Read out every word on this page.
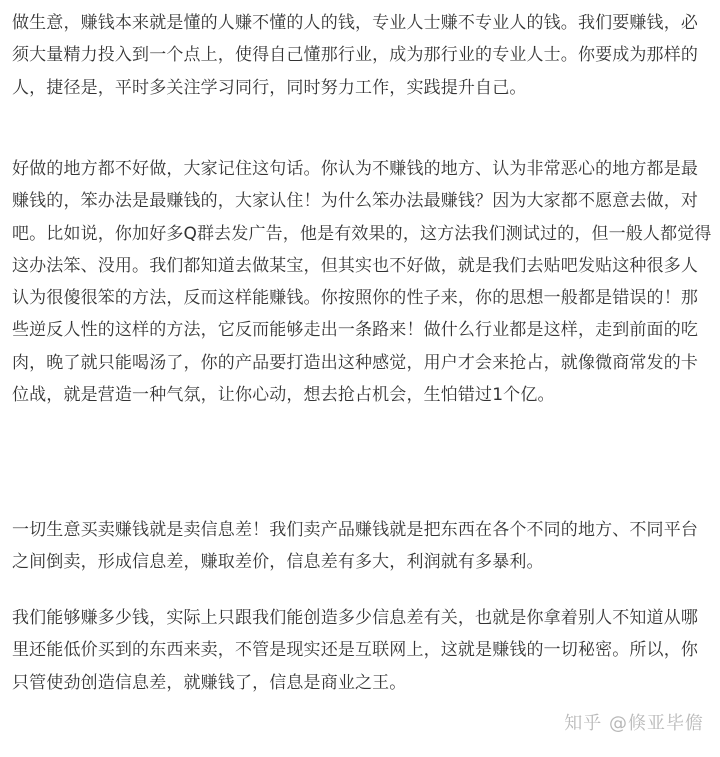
做生意，赚钱本来就是懂的人赚不懂的人的钱，专业人士赚不专业人的钱。我们要赚钱，必须大量精力投入到一个点上，使得自己懂那行业，成为那行业的专业人士。你要成为那样的人，捷径是，平时多关注学习同行，同时努力工作，实践提升自己。

好做的地方都不好做，大家记住这句话。你认为不赚钱的地方、认为非常恶心的地方都是最赚钱的，笨办法是最赚钱的，大家认住！为什么笨办法最赚钱？因为大家都不愿意去做，对吧。比如说，你加好多Q群去发广告，他是有效果的，这方法我们测试过的，但一般人都觉得这办法笨、没用。我们都知道去做某宝，但其实也不好做，就是我们去贴吧发贴这种很多人认为很傻很笨的方法，反而这样能赚钱。你按照你的性子来，你的思想一般都是错误的！那些逆反人性的这样的方法，它反而能够走出一条路来！做什么行业都是这样，走到前面的吃肉，晚了就只能喝汤了，你的产品要打造出这种感觉，用户才会来抢占，就像微商常发的卡位战，就是营造一种气氛，让你心动，想去抢占机会，生怕错过1个亿。

一切生意买卖赚钱就是卖信息差！我们卖产品赚钱就是把东西在各个不同的地方、不同平台之间倒卖，形成信息差，赚取差价，信息差有多大，利润就有多暴利。

我们能够赚多少钱，实际上只跟我们能创造多少信息差有关，也就是你拿着别人不知道从哪里还能低价买到的东西来卖，不管是现实还是互联网上，这就是赚钱的一切秘密。所以，你只管使劲创造信息差，就赚钱了，信息是商业之王。

知乎 @倏亚毕儋
